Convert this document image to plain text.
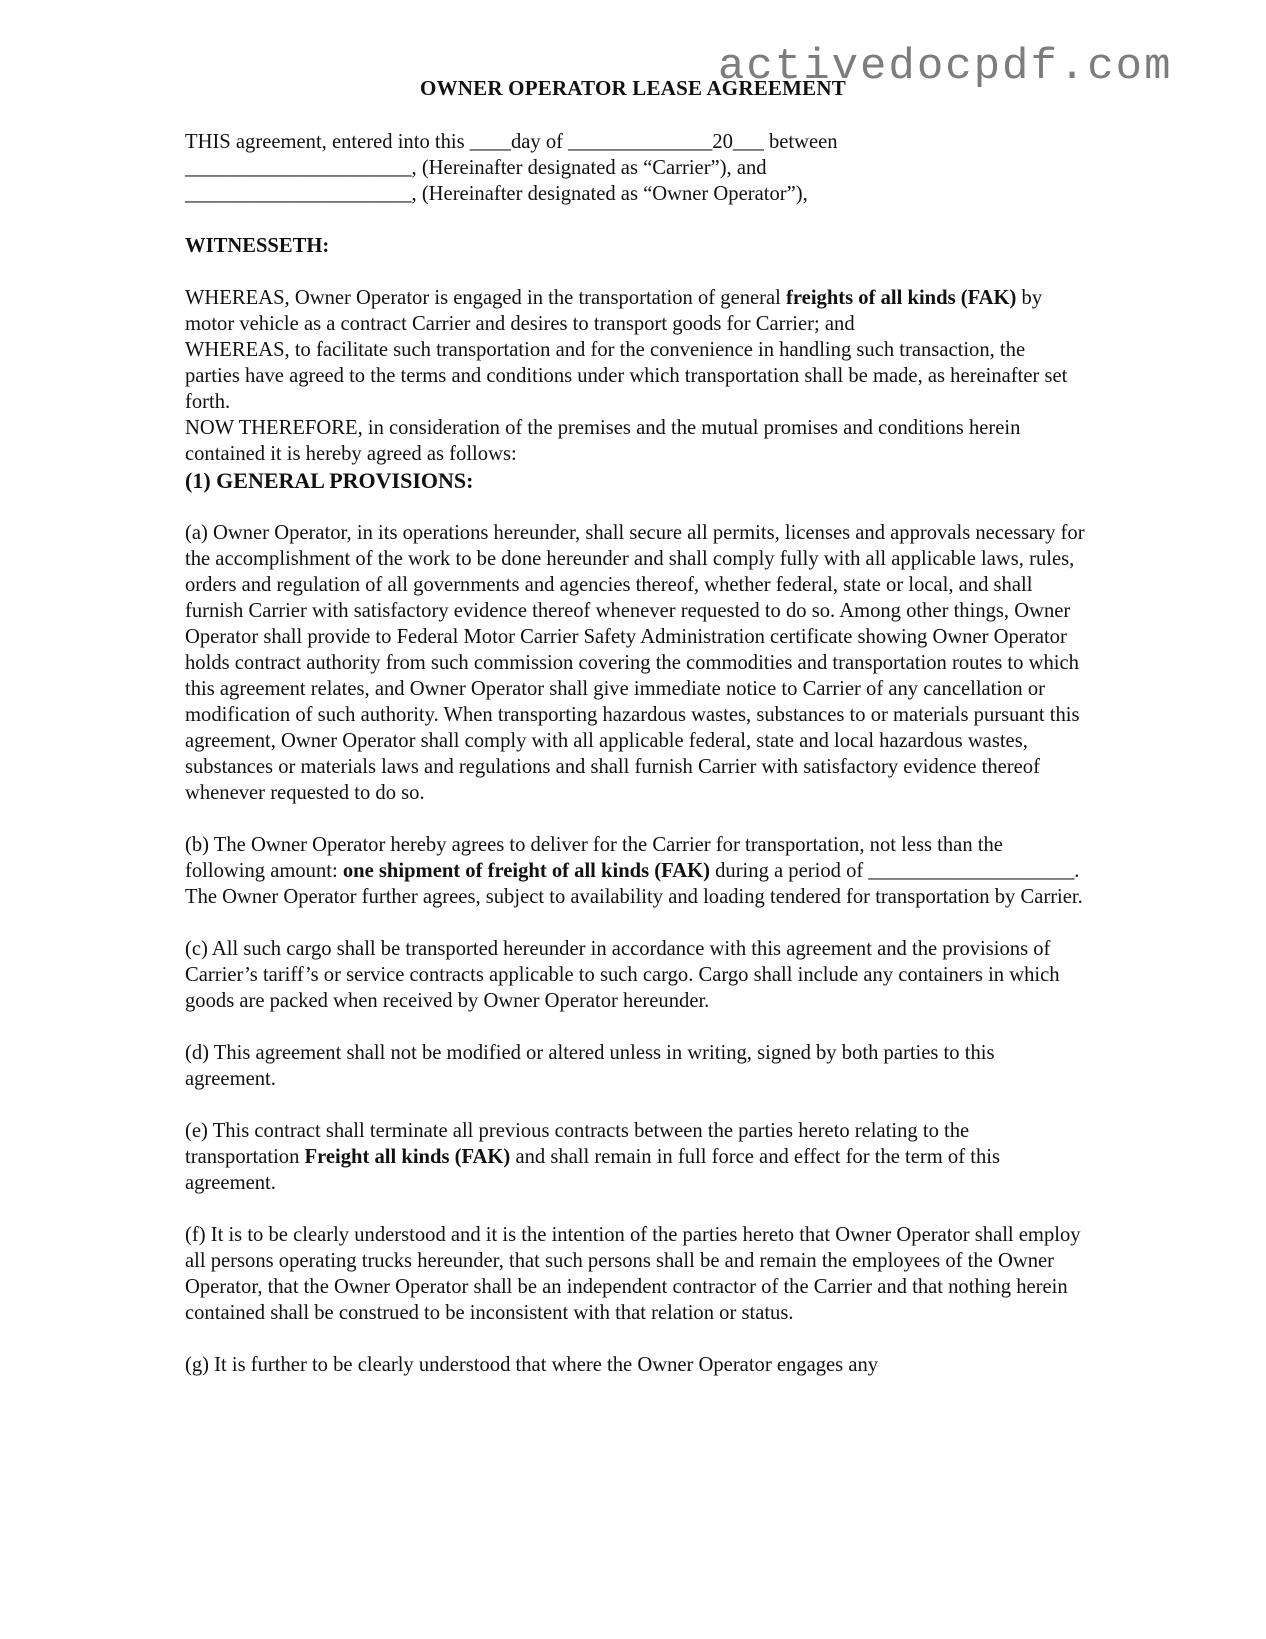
activedocpdf.com
OWNER OPERATOR LEASE AGREEMENT

THIS agreement, entered into this ____day of ______________20___ between

______________________, (Hereinafter designated as “Carrier”), and

______________________, (Hereinafter designated as “Owner Operator”),

WITNESSETH:

WHEREAS, Owner Operator is engaged in the transportation of general freights of all kinds (FAK) by motor vehicle as a contract Carrier and desires to transport goods for Carrier; and

WHEREAS, to facilitate such transportation and for the convenience in handling such transaction, the parties have agreed to the terms and conditions under which transportation shall be made, as hereinafter set forth.

NOW THEREFORE, in consideration of the premises and the mutual promises and conditions herein contained it is hereby agreed as follows:

(1) GENERAL PROVISIONS:

(a) Owner Operator, in its operations hereunder, shall secure all permits, licenses and approvals necessary for the accomplishment of the work to be done hereunder and shall comply fully with all applicable laws, rules, orders and regulation of all governments and agencies thereof, whether federal, state or local, and shall furnish Carrier with satisfactory evidence thereof whenever requested to do so. Among other things, Owner Operator shall provide to Federal Motor Carrier Safety Administration certificate showing Owner Operator holds contract authority from such commission covering the commodities and transportation routes to which this agreement relates, and Owner Operator shall give immediate notice to Carrier of any cancellation or modification of such authority. When transporting hazardous wastes, substances to or materials pursuant this agreement, Owner Operator shall comply with all applicable federal, state and local hazardous wastes, substances or materials laws and regulations and shall furnish Carrier with satisfactory evidence thereof whenever requested to do so.

(b) The Owner Operator hereby agrees to deliver for the Carrier for transportation, not less than the following amount: one shipment of freight of all kinds (FAK) during a period of ____________________. The Owner Operator further agrees, subject to availability and loading tendered for transportation by Carrier.

(c) All such cargo shall be transported hereunder in accordance with this agreement and the provisions of Carrier’s tariff’s or service contracts applicable to such cargo. Cargo shall include any containers in which goods are packed when received by Owner Operator hereunder.

(d) This agreement shall not be modified or altered unless in writing, signed by both parties to this agreement.

(e) This contract shall terminate all previous contracts between the parties hereto relating to the transportation Freight all kinds (FAK) and shall remain in full force and effect for the term of this agreement.

(f) It is to be clearly understood and it is the intention of the parties hereto that Owner Operator shall employ all persons operating trucks hereunder, that such persons shall be and remain the employees of the Owner Operator, that the Owner Operator shall be an independent contractor of the Carrier and that nothing herein contained shall be construed to be inconsistent with that relation or status.

(g) It is further to be clearly understood that where the Owner Operator engages any
